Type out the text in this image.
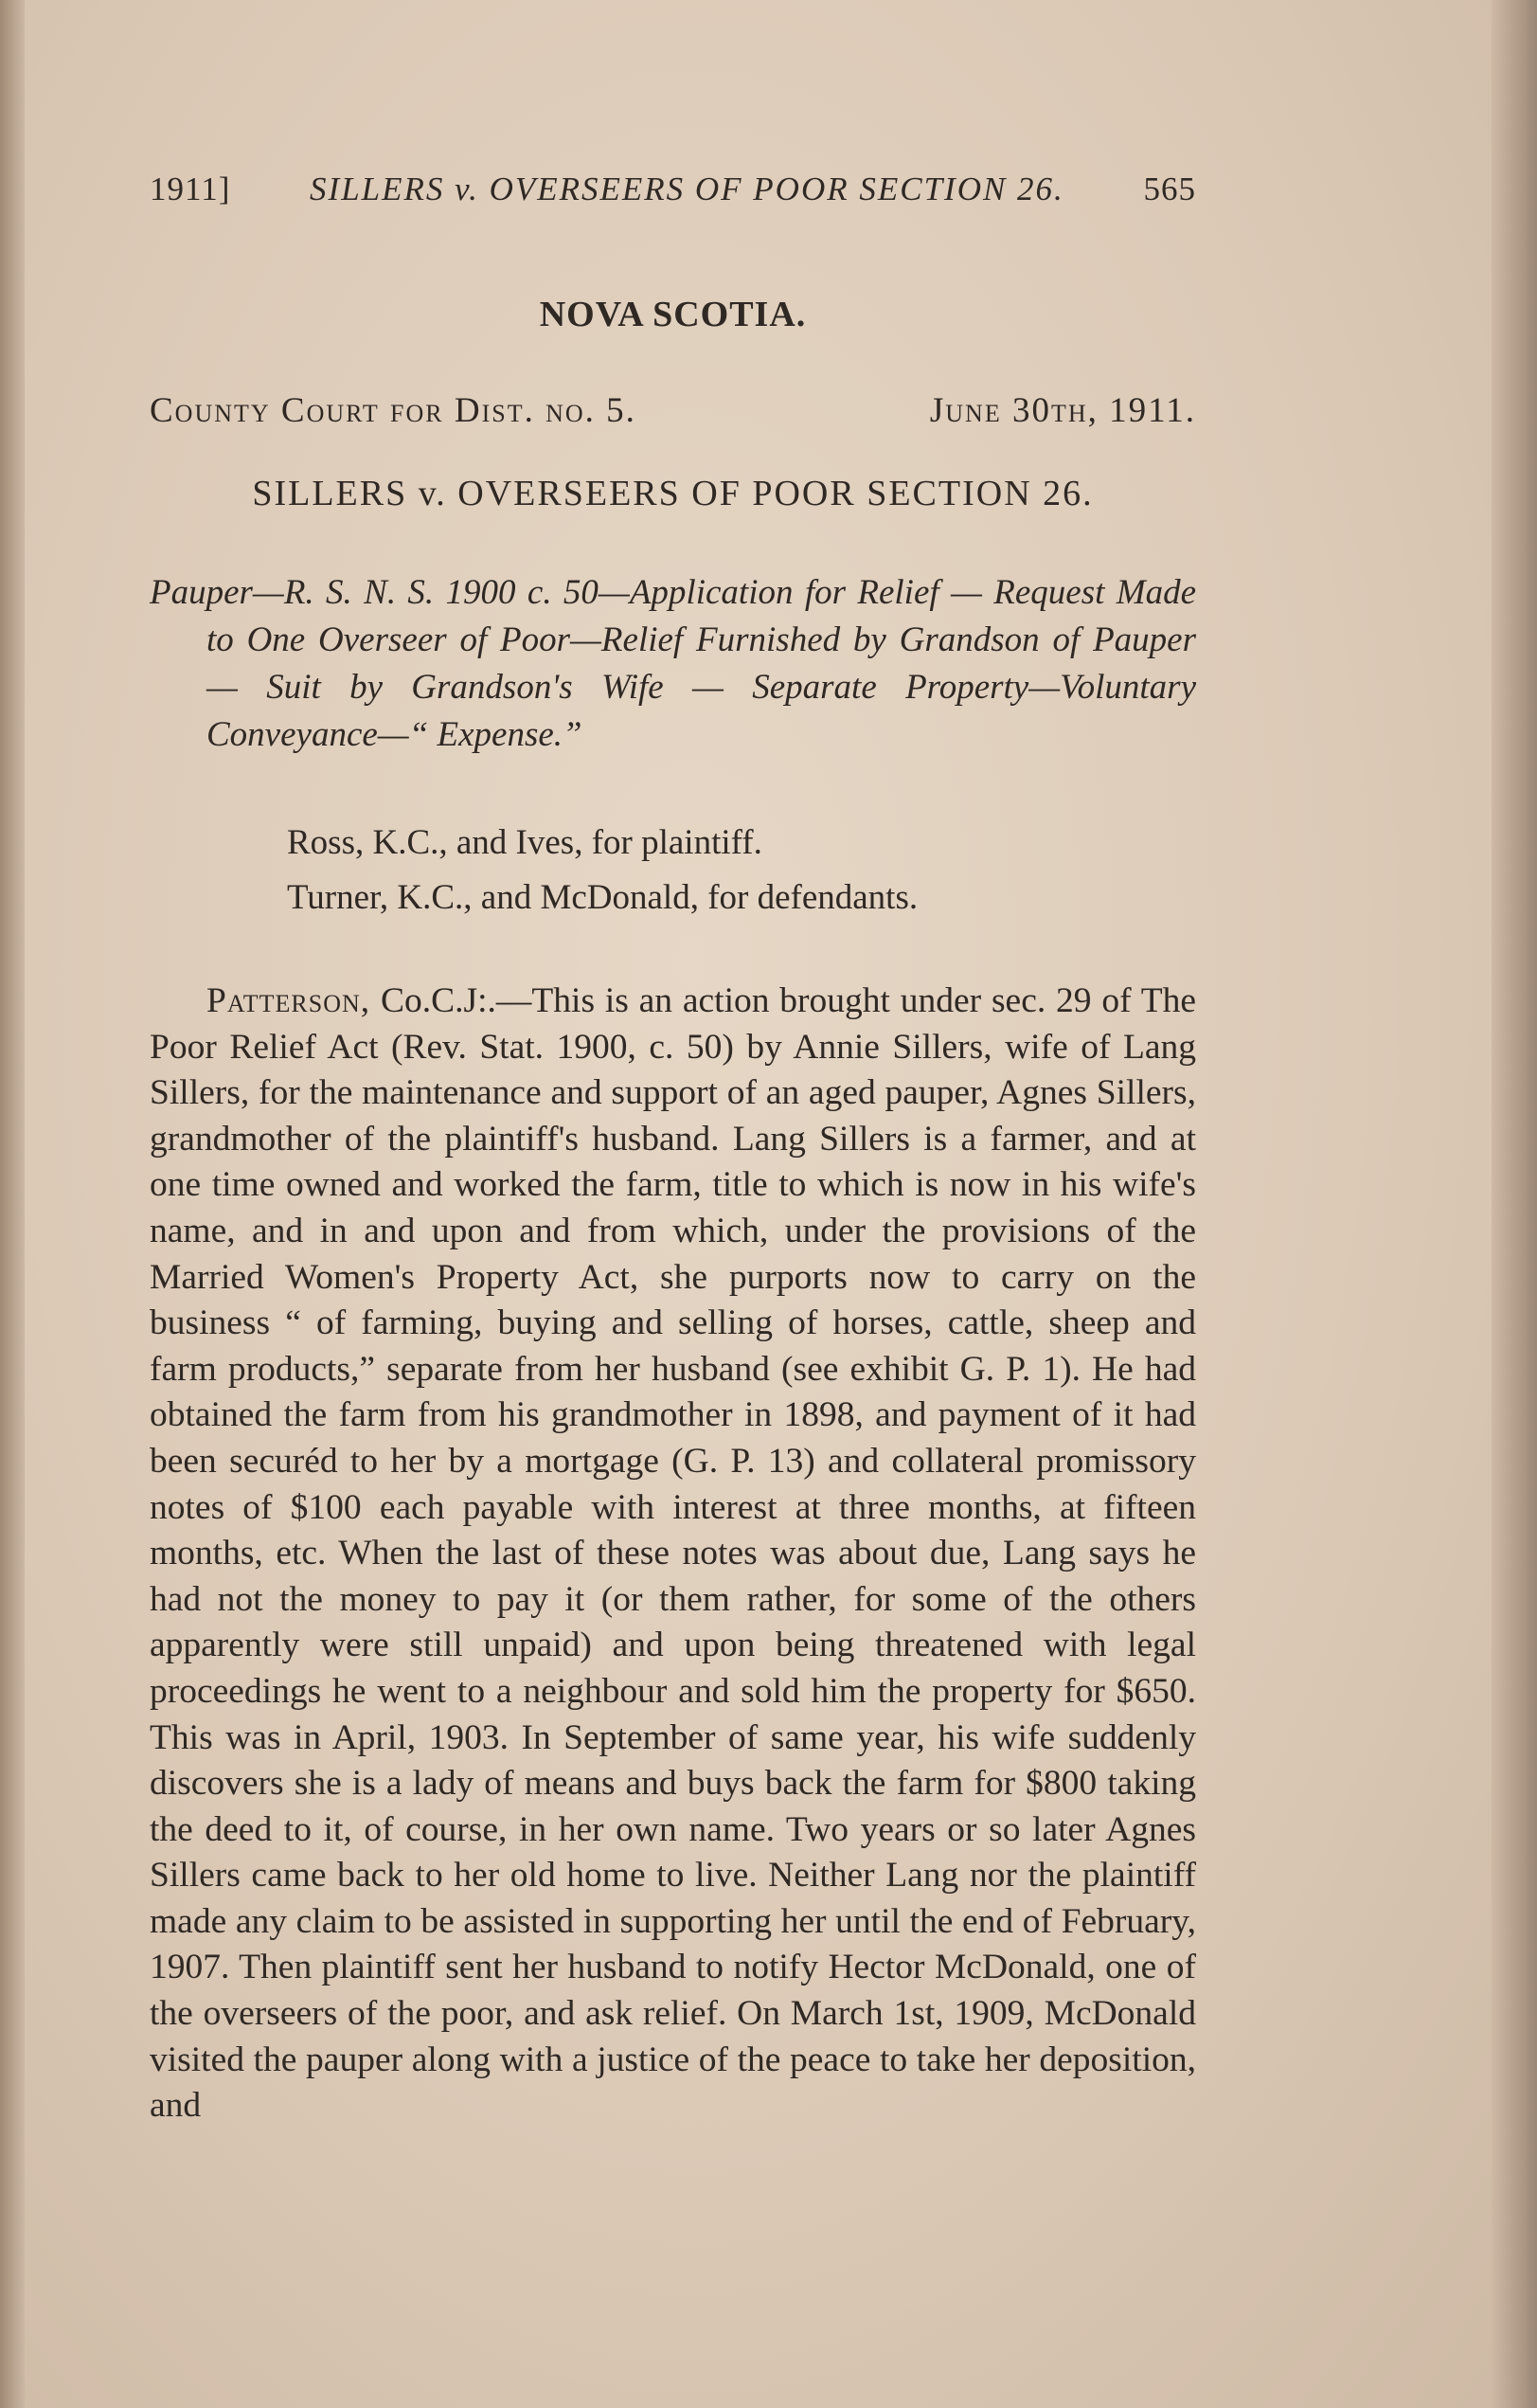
1911] SILLERS v. OVERSEERS OF POOR SECTION 26. 565
NOVA SCOTIA.
County Court for Dist. no. 5.	June 30th, 1911.
SILLERS v. OVERSEERS OF POOR SECTION 26.
Pauper—R. S. N. S. 1900 c. 50—Application for Relief — Request Made to One Overseer of Poor—Relief Furnished by Grandson of Pauper — Suit by Grandson's Wife — Separate Property—Voluntary Conveyance—“ Expense.”
Ross, K.C., and Ives, for plaintiff.
Turner, K.C., and McDonald, for defendants.

Patterson, Co.C.J:.—This is an action brought under sec. 29 of The Poor Relief Act (Rev. Stat. 1900, c. 50) by Annie Sillers, wife of Lang Sillers, for the maintenance and support of an aged pauper, Agnes Sillers, grandmother of the plaintiff's husband. Lang Sillers is a farmer, and at one time owned and worked the farm, title to which is now in his wife's name, and in and upon and from which, under the provisions of the Married Women's Property Act, she purports now to carry on the business “ of farming, buying and selling of horses, cattle, sheep and farm products,” separate from her husband (see exhibit G. P. 1). He had obtained the farm from his grandmother in 1898, and payment of it had been securéd to her by a mortgage (G. P. 13) and collateral promissory notes of $100 each payable with interest at three months, at fifteen months, etc. When the last of these notes was about due, Lang says he had not the money to pay it (or them rather, for some of the others apparently were still unpaid) and upon being threatened with legal proceedings he went to a neighbour and sold him the property for $650. This was in April, 1903. In September of same year, his wife suddenly discovers she is a lady of means and buys back the farm for $800 taking the deed to it, of course, in her own name. Two years or so later Agnes Sillers came back to her old home to live. Neither Lang nor the plaintiff made any claim to be assisted in supporting her until the end of February, 1907. Then plaintiff sent her husband to notify Hector McDonald, one of the overseers of the poor, and ask relief. On March 1st, 1909, McDonald visited the pauper along with a justice of the peace to take her deposition, and
